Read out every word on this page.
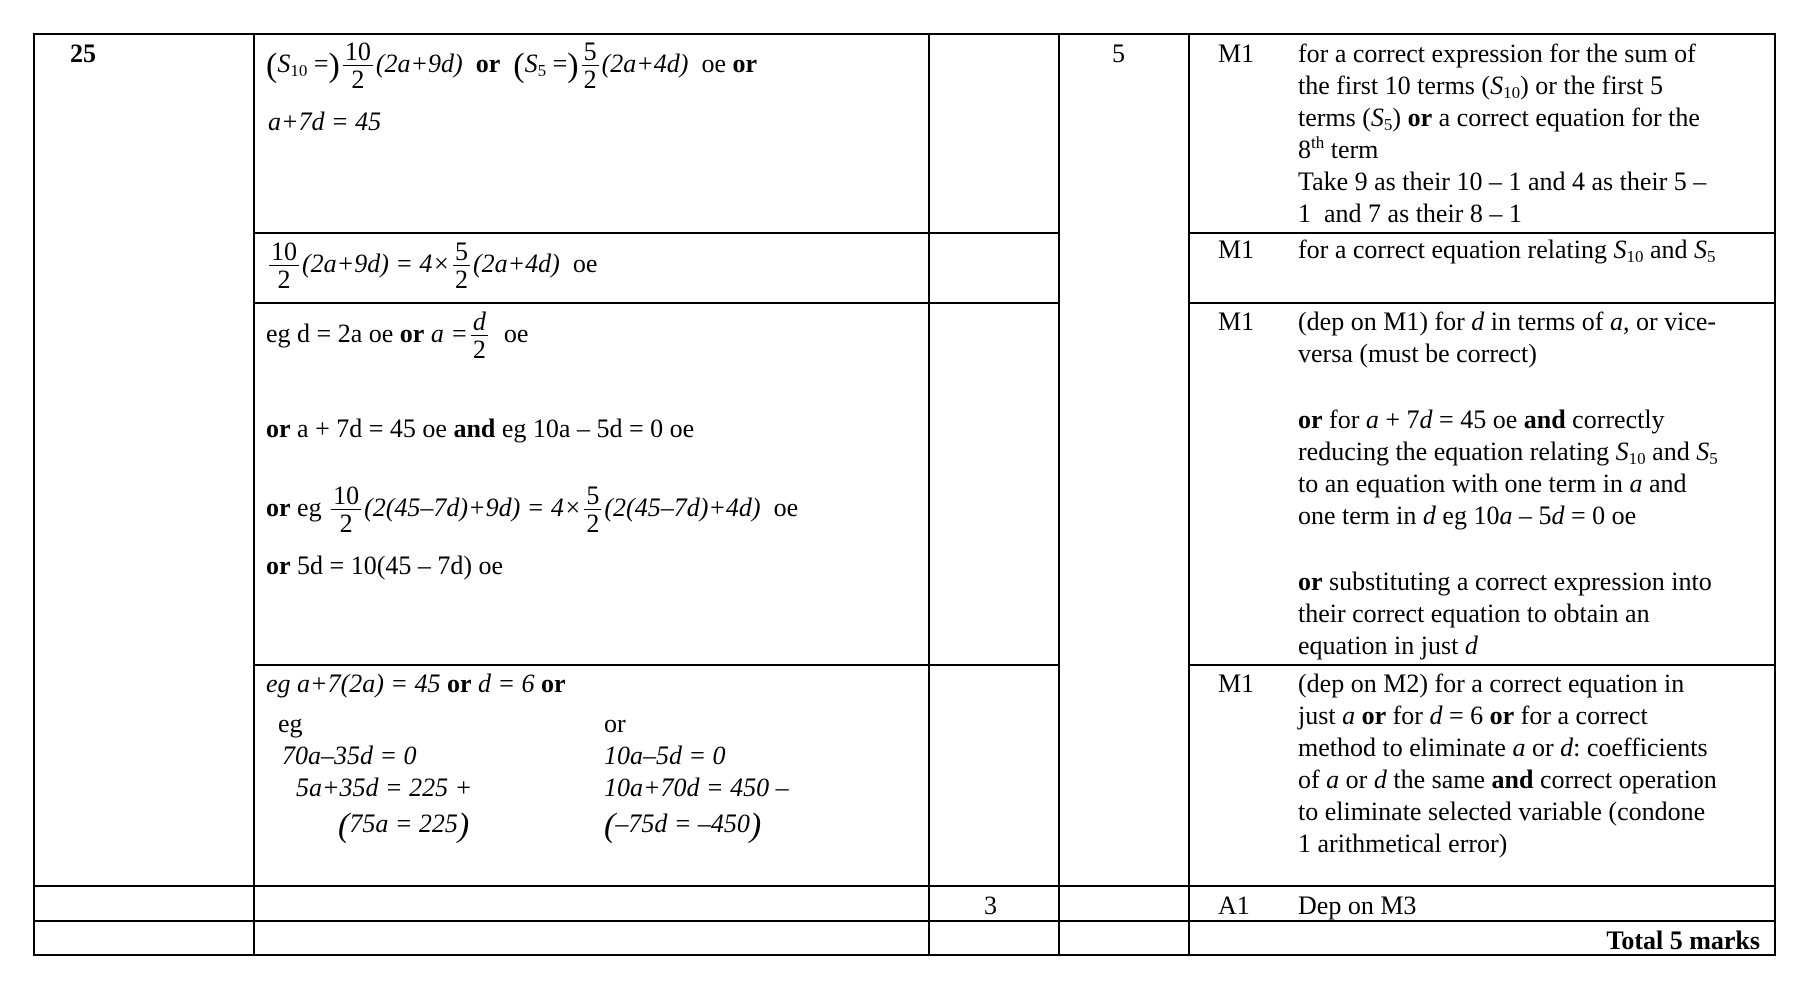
25	5
3
($S_{10}$ =) $\frac{10}{2} (2a+9d)$ or ($S_5$ =) $\frac{5}{2} (2a+4d)$ oe or
a+7d = 45
M1 for a correct expression for the sum of
the first 10 terms $(S_{10})$ or the first 5
terms $(S_5)$ or a correct equation for the
8th term
Take 9 as their 10 – 1 and 4 as their 5 –
1  and 7 as their 8 – 1
$\frac{10}{2} (2a+9d) = 4\times \frac{5}{2} (2a+4d)$ oe	M1 for a correct equation relating $S_{10}$ and $S_5$
eg d = 2a oe or $a = \frac{d}{2}$ oe
or a + 7d = 45 oe and eg 10a – 5d = 0 oe
or eg $\frac{10}{2} (2(45-7d)+9d) = 4\times \frac{5}{2} (2(45-7d)+4d)$ oe
or 5d = 10(45 – 7d) oe
M1 (dep on M1) for d in terms of a, or vice-
versa (must be correct)
or for a + 7d = 45 oe and correctly
reducing the equation relating $S_{10}$ and $S_5$
to an equation with one term in a and
one term in d eg 10a – 5d = 0 oe
or substituting a correct expression into
their correct equation to obtain an
equation in just d
eg a+7(2a) = 45 or d = 6 or
eg
70a–35d = 0
5a+35d = 225 +
(75a = 225)
or
10a–5d = 0
10a+70d = 450 –
(–75d = –450)
M1 (dep on M2) for a correct equation in
just a or for d = 6 or for a correct
method to eliminate a or d: coefficients
of a or d the same and correct operation
to eliminate selected variable (condone
1 arithmetical error)
A1 Dep on M3
Total 5 marks
